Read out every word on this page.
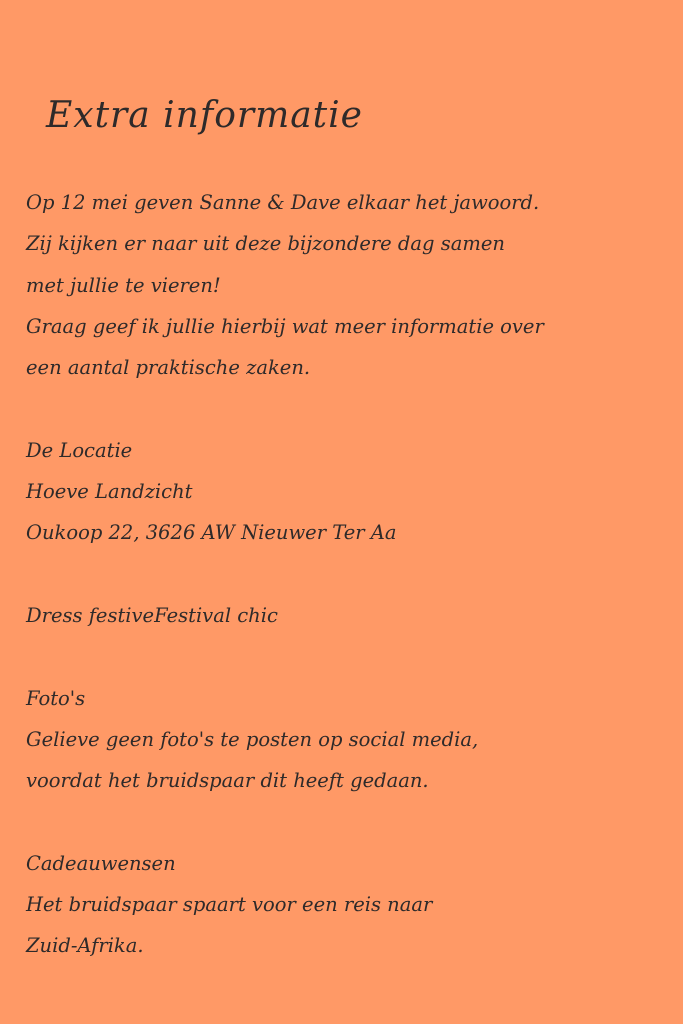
Extra informatie
Op 12 mei geven Sanne & Dave elkaar het jawoord.
Zij kijken er naar uit deze bijzondere dag samen
met jullie te vieren!
Graag geef ik jullie hierbij wat meer informatie over
een aantal praktische zaken.
De Locatie
Hoeve Landzicht
Oukoop 22, 3626 AW Nieuwer Ter Aa
Dress festiveFestival chic
Foto's
Gelieve geen foto's te posten op social media,
voordat het bruidspaar dit heeft gedaan.
Cadeauwensen
Het bruidspaar spaart voor een reis naar
Zuid-Afrika.
